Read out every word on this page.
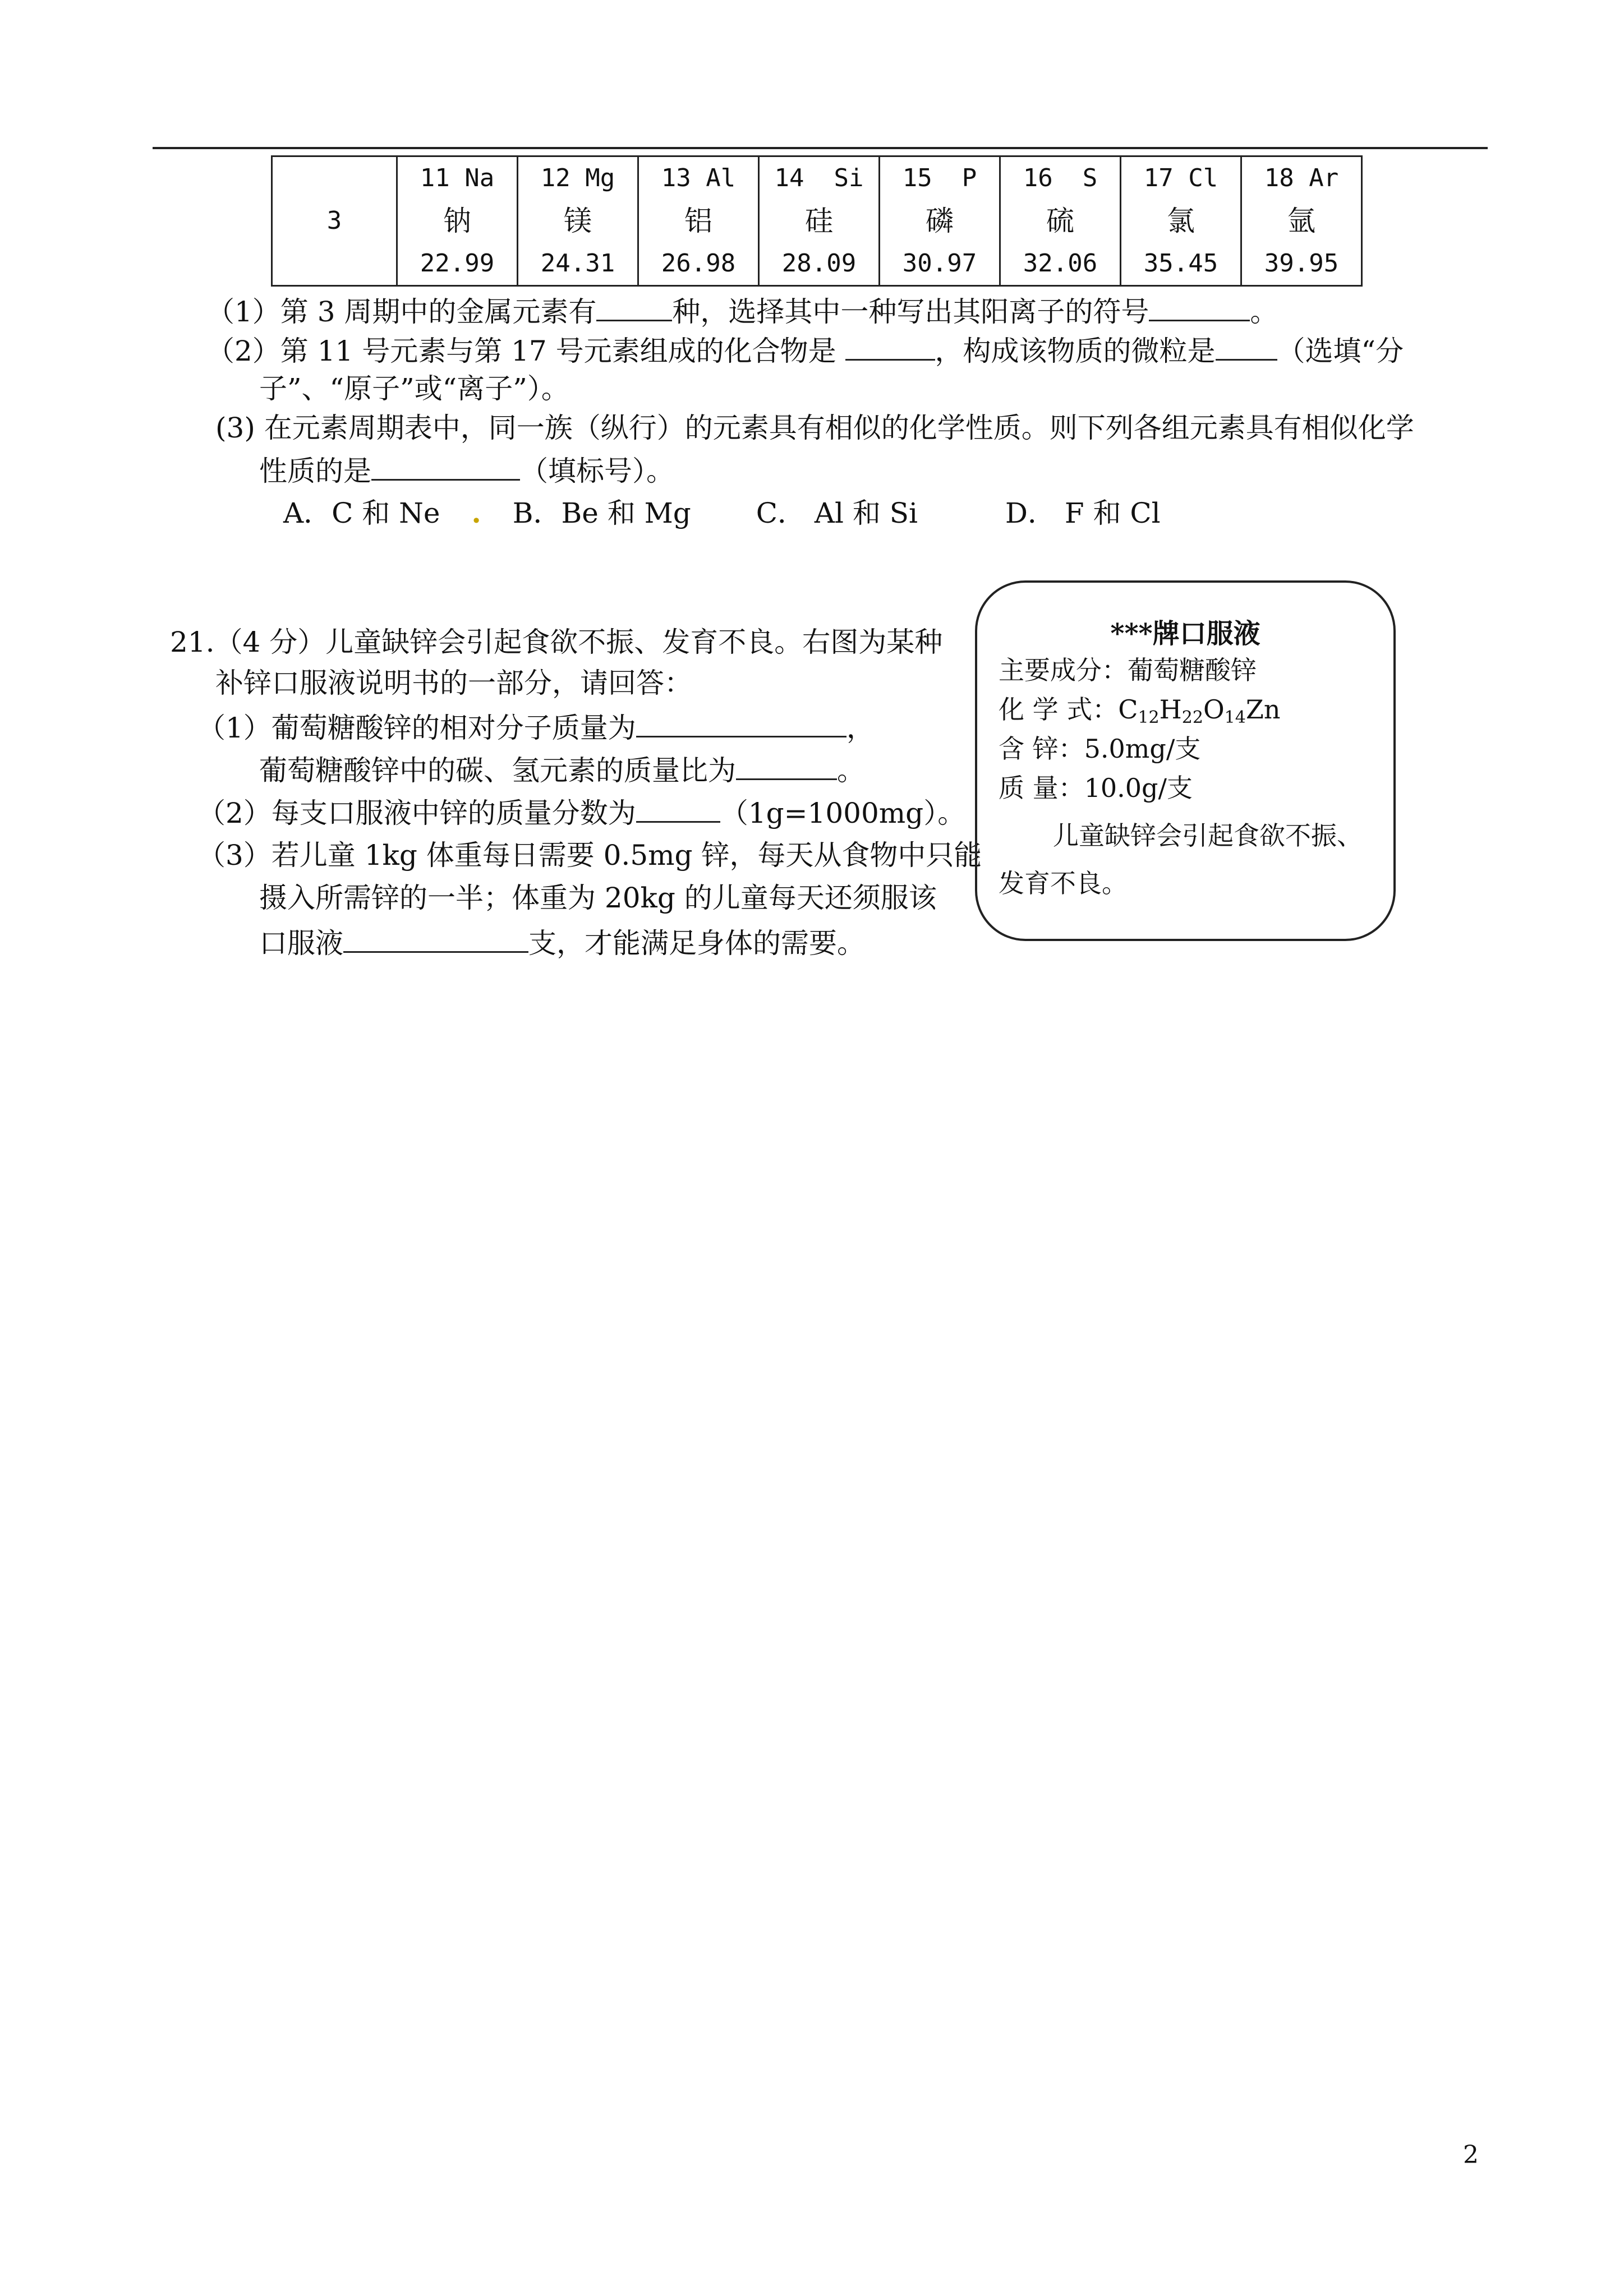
3	
11 Na
钠
22.99

12 Mg
镁
24.31

13 Al
铝
26.98

14 Si
硅
28.09

15 P
磷
30.97

16 S
硫
32.06

17 Cl
氯
35.45

18 Ar
氩
39.95
（1）第 3 周期中的金属元素有	种，选择其中一种写出其阳离子的符号	。
（2）第 11 号元素与第 17 号元素组成的化合物是	，构成该物质的微粒是 （选填“分
子”、“原子”或“离子”）。
(3) 在元素周期表中，同一族（纵行）的元素具有相似的化学性质。则下列各组元素具有相似化学
性质的是	（填标号）。
A．C 和 Ne . B．Be 和 Mg C． Al 和 Si	D． F 和 Cl
21.（4 分）儿童缺锌会引起食欲不振、发育不良。右图为某种
补锌口服液说明书的一部分，请回答：
（1）葡萄糖酸锌的相对分子质量为	，
葡萄糖酸锌中的碳、氢元素的质量比为	。
（2）每支口服液中锌的质量分数为	（1g=1000mg）。
（3）若儿童 1kg 体重每日需要 0.5mg 锌，每天从食物中只能
摄入所需锌的一半；体重为 20kg 的儿童每天还须服该
口服液	支，才能满足身体的需要。
***牌口服液
主要成分：葡萄糖酸锌
化 学 式：$C_{12}H_{22}O_{14}Zn$
含 锌：5.0mg/支
质 量：10.0g/支
儿童缺锌会引起食欲不振、
发育不良。
2
